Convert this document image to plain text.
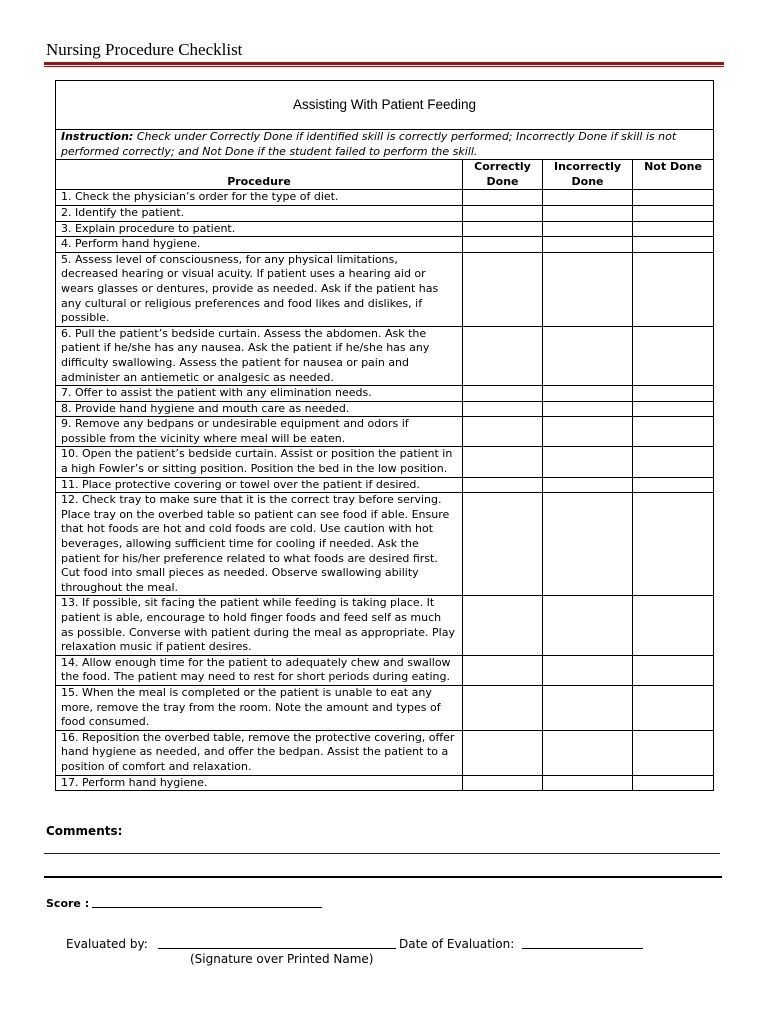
Nursing Procedure Checklist
Assisting With Patient Feeding			
Instruction: Check under Correctly Done if identified skill is correctly performed; Incorrectly Done if skill is not performed correctly; and Not Done if the student failed to perform the skill.			
Procedure	Correctly Done	Incorrectly Done	Not Done
1. Check the physician’s order for the type of diet.			
2. Identify the patient.			
3. Explain procedure to patient.			
4. Perform hand hygiene.			
5. Assess level of consciousness, for any physical limitations, decreased hearing or visual acuity. If patient uses a hearing aid or wears glasses or dentures, provide as needed. Ask if the patient has any cultural or religious preferences and food likes and dislikes, if possible.			
6. Pull the patient’s bedside curtain. Assess the abdomen. Ask the patient if he/she has any nausea. Ask the patient if he/she has any difficulty swallowing. Assess the patient for nausea or pain and administer an antiemetic or analgesic as needed.			
7. Offer to assist the patient with any elimination needs.			
8. Provide hand hygiene and mouth care as needed.			
9. Remove any bedpans or undesirable equipment and odors if possible from the vicinity where meal will be eaten.			
10. Open the patient’s bedside curtain. Assist or position the patient in a high Fowler’s or sitting position. Position the bed in the low position.			
11. Place protective covering or towel over the patient if desired.			
12. Check tray to make sure that it is the correct tray before serving. Place tray on the overbed table so patient can see food if able. Ensure that hot foods are hot and cold foods are cold. Use caution with hot beverages, allowing sufficient time for cooling if needed. Ask the patient for his/her preference related to what foods are desired first. Cut food into small pieces as needed. Observe swallowing ability throughout the meal.			
13. If possible, sit facing the patient while feeding is taking place. It patient is able, encourage to hold finger foods and feed self as much as possible. Converse with patient during the meal as appropriate. Play relaxation music if patient desires.			
14. Allow enough time for the patient to adequately chew and swallow the food. The patient may need to rest for short periods during eating.			
15. When the meal is completed or the patient is unable to eat any more, remove the tray from the room. Note the amount and types of food consumed.			
16. Reposition the overbed table, remove the protective covering, offer hand hygiene as needed, and offer the bedpan. Assist the patient to a position of comfort and relaxation.			
17. Perform hand hygiene.			
Comments:
Score :
Evaluated by:	Date of Evaluation:
(Signature over Printed Name)
